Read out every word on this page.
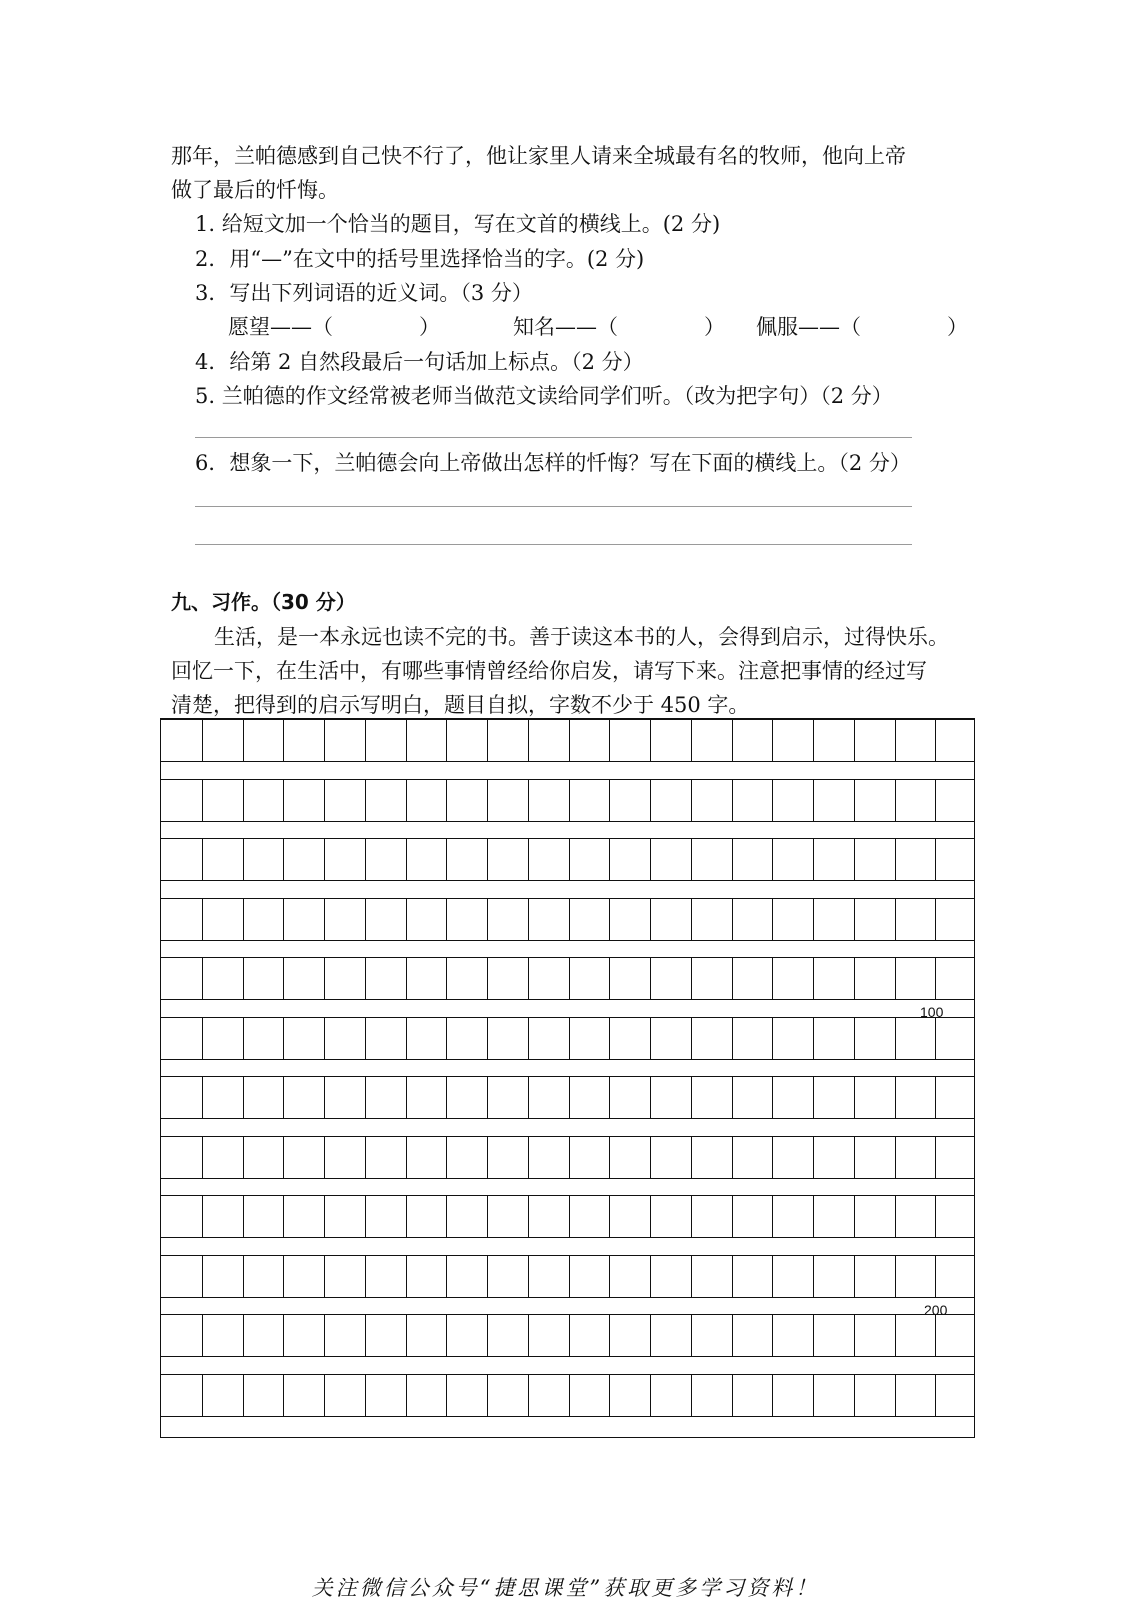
那年，兰帕德感到自己快不行了，他让家里人请来全城最有名的牧师，他向上帝
做了最后的忏悔。
1. 给短文加一个恰当的题目，写在文首的横线上。(2 分)
2．用“—”在文中的括号里选择恰当的字。(2 分)
3．写出下列词语的近义词。（3 分）
愿望——（	）	知名——（	） 佩服——（	）
4．给第 2 自然段最后一句话加上标点。（2 分）
5. 兰帕德的作文经常被老师当做范文读给同学们听。（改为把字句）（2 分）
6．想象一下，兰帕德会向上帝做出怎样的忏悔？写在下面的横线上。（2 分）
九、习作。（30 分）
生活，是一本永远也读不完的书。善于读这本书的人，会得到启示，过得快乐。
回忆一下，在生活中，有哪些事情曾经给你启发，请写下来。注意把事情的经过写
清楚，把得到的启示写明白，题目自拟，字数不少于 450 字。
100
200
关注微信公众号“捷思课堂”获取更多学习资料！
